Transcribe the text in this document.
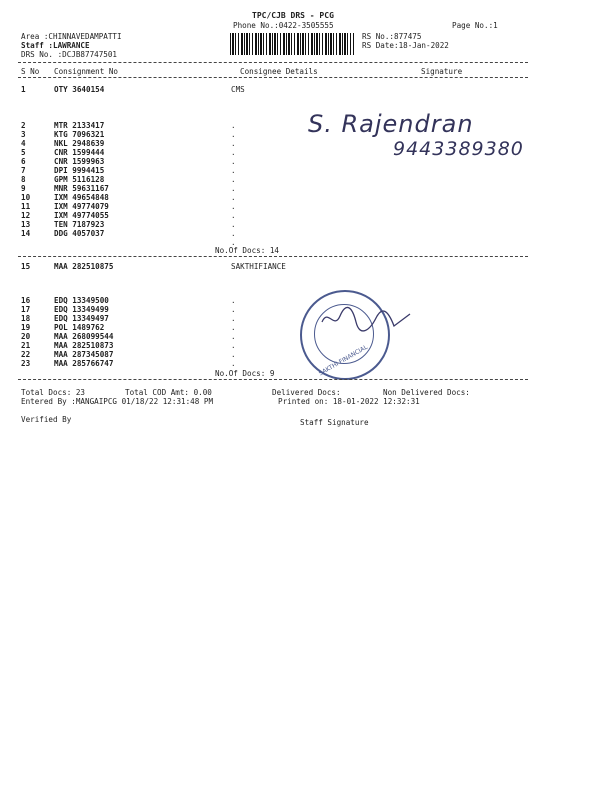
TPC/CJB DRS - PCG
Phone No.:0422-3505555	Page No.:1
Area :CHINNAVEDAMPATTI
Staff :LAWRANCE
DRS No. :DCJB87747501
RS No.:877475
RS Date:18-Jan-2022
S No Consignment No	Consignee Details	Signature
1	OTY 3640154	CMS
2	MTR 2133417	.
3	KTG 7096321	.
4	NKL 2948639	.
5	CNR 1599444	.
6	CNR 1599963	.
7	DPI 9994415	.
8	GPM 5116128	.
9	MNR 59631167	.
10	IXM 49654848	.
11	IXM 49774079	.
12	IXM 49774055	.
13	TEN 7187923	.
14	DDG 4057037	.
.
No.Of Docs: 14
S. Rajendran
9443389380
15	MAA 282510875	SAKTHIFIANCE
16	EDQ 13349500	.
17	EDQ 13349499	.
18	EDQ 13349497	.
19	POL 1489762	.
20	MAA 268099544	.
21	MAA 282510873	.
22	MAA 287345087	.
23	MAA 285766747	.
No.Of Docs: 9	SAKTHI FINANCIAL
Total Docs: 23	Total COD Amt: 0.00	Delivered Docs:	Non Delivered Docs:
Entered By :MANGAIPCG 01/18/22 12:31:48 PM	Printed on: 18-01-2022 12:32:31
Verified By	Staff Signature
